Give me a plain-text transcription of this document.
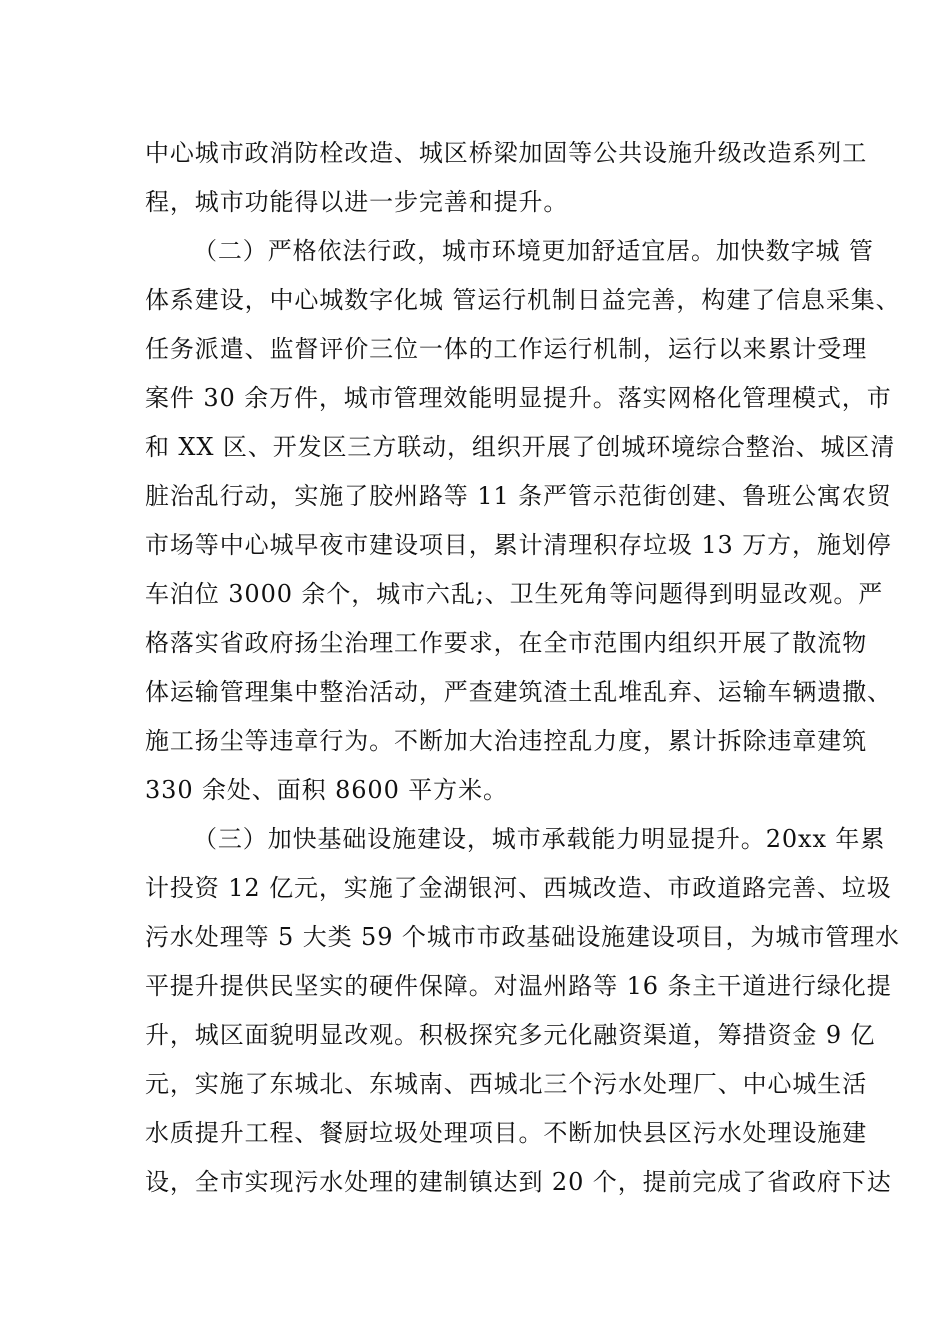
中心城市政消防栓改造、城区桥梁加固等公共设施升级改造系列工
程，城市功能得以进一步完善和提升。
（二）严格依法行政，城市环境更加舒适宜居。加快数字城 管
体系建设，中心城数字化城 管运行机制日益完善，构建了信息采集、
任务派遣、监督评价三位一体的工作运行机制，运行以来累计受理
案件 30 余万件，城市管理效能明显提升。落实网格化管理模式，市
和 XX 区、开发区三方联动，组织开展了创城环境综合整治、城区清
脏治乱行动，实施了胶州路等 11 条严管示范街创建、鲁班公寓农贸
市场等中心城早夜市建设项目，累计清理积存垃圾 13 万方，施划停
车泊位 3000 余个，城市六乱;、卫生死角等问题得到明显改观。严
格落实省政府扬尘治理工作要求，在全市范围内组织开展了散流物
体运输管理集中整治活动，严查建筑渣土乱堆乱弃、运输车辆遗撒、
施工扬尘等违章行为。不断加大治违控乱力度，累计拆除违章建筑
330 余处、面积 8600 平方米。
（三）加快基础设施建设，城市承载能力明显提升。20xx 年累
计投资 12 亿元，实施了金湖银河、西城改造、市政道路完善、垃圾
污水处理等 5 大类 59 个城市市政基础设施建设项目，为城市管理水
平提升提供民坚实的硬件保障。对温州路等 16 条主干道进行绿化提
升，城区面貌明显改观。积极探究多元化融资渠道，筹措资金 9 亿
元，实施了东城北、东城南、西城北三个污水处理厂、中心城生活
水质提升工程、餐厨垃圾处理项目。不断加快县区污水处理设施建
设，全市实现污水处理的建制镇达到 20 个，提前完成了省政府下达
